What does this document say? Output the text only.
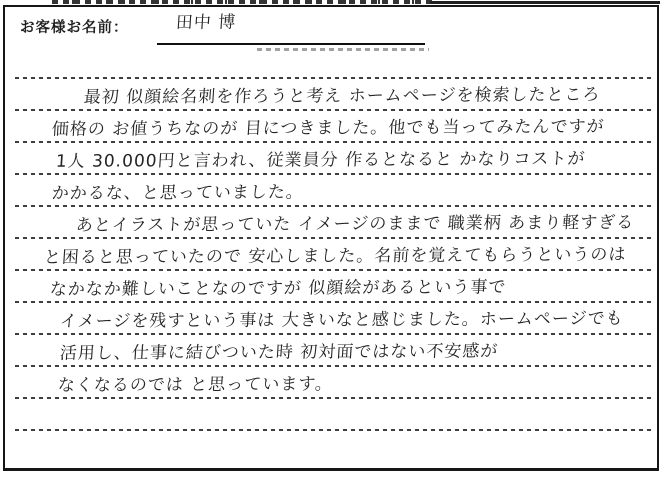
お客様お名前：	田中 博
最初 似顔絵名刺を作ろうと考え ホームページを検索したところ
価格の お値うちなのが 目につきました。他でも当ってみたんですが
1人 30.000円と言われ、従業員分 作るとなると かなりコストが
かかるな、と思っていました。
あとイラストが思っていた イメージのままで 職業柄 あまり軽すぎる
と困ると思っていたので 安心しました。名前を覚えてもらうというのは
なかなか難しいことなのですが 似顔絵があるという事で
イメージを残すという事は 大きいなと感じました。ホームページでも
活用し、仕事に結びついた時 初対面ではない不安感が
なくなるのでは と思っています。
